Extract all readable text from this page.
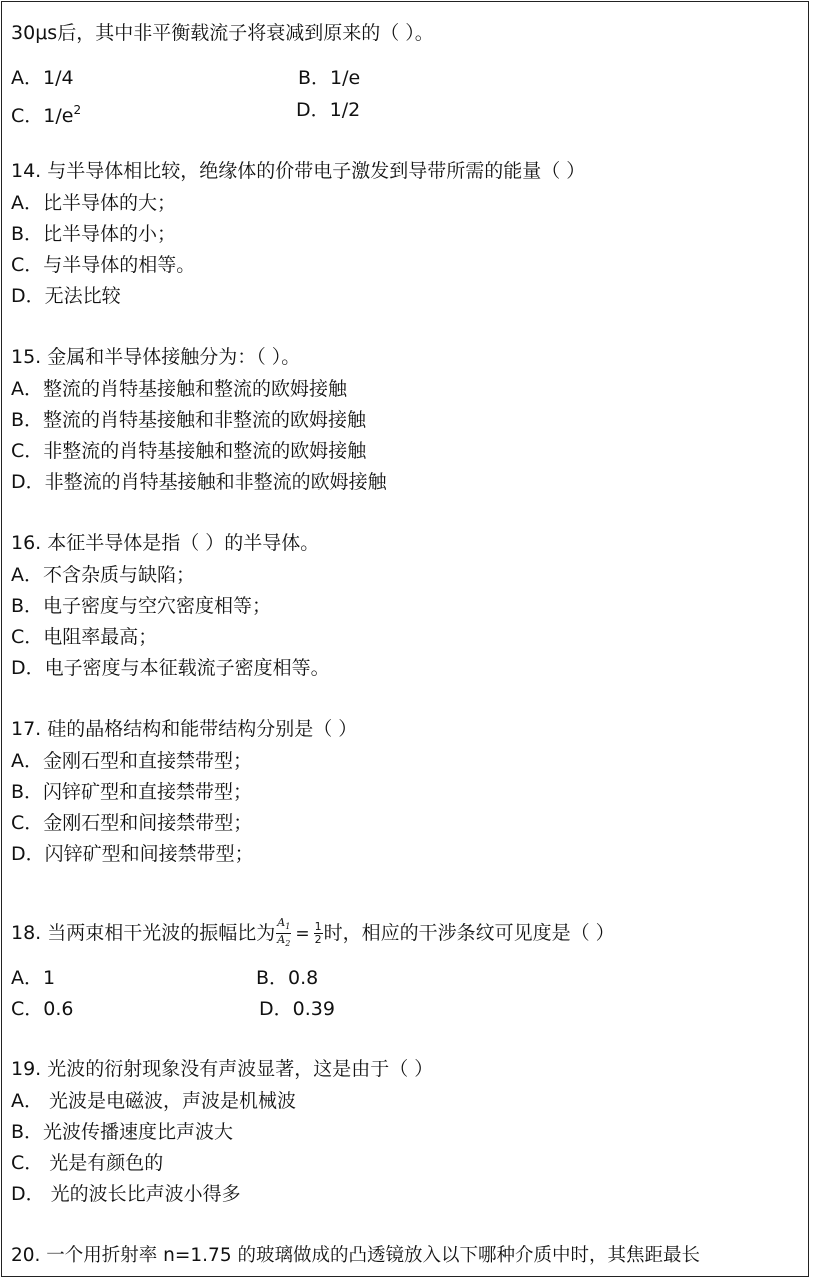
30μs后，其中非平衡载流子将衰减到原来的（ ）。
A．1/4	B．1/e
C．$1/e^2$	D．1/2
14. 与半导体相比较，绝缘体的价带电子激发到导带所需的能量（ ）
A．比半导体的大；
B．比半导体的小；
C．与半导体的相等。
D．无法比较
15. 金属和半导体接触分为：（ ）。
A．整流的肖特基接触和整流的欧姆接触
B．整流的肖特基接触和非整流的欧姆接触
C．非整流的肖特基接触和整流的欧姆接触
D．非整流的肖特基接触和非整流的欧姆接触
16. 本征半导体是指（ ）的半导体。
A．不含杂质与缺陷；
B．电子密度与空穴密度相等；
C．电阻率最高；
D．电子密度与本征载流子密度相等。
17. 硅的晶格结构和能带结构分别是（ ）
A．金刚石型和直接禁带型；
B．闪锌矿型和直接禁带型；
C．金刚石型和间接禁带型；
D．闪锌矿型和间接禁带型；
18. 当两束相干光波的振幅比为 $\frac{A_1}{A_2} = \frac{1}{2}$ 时，相应的干涉条纹可见度是（ ）
A．1	B．0.8
C．0.6	D．0.39
19. 光波的衍射现象没有声波显著，这是由于（ ）
A． 光波是电磁波，声波是机械波
B．光波传播速度比声波大
C． 光是有颜色的
D． 光的波长比声波小得多
20. 一个用折射率 n=1.75 的玻璃做成的凸透镜放入以下哪种介质中时，其焦距最长
